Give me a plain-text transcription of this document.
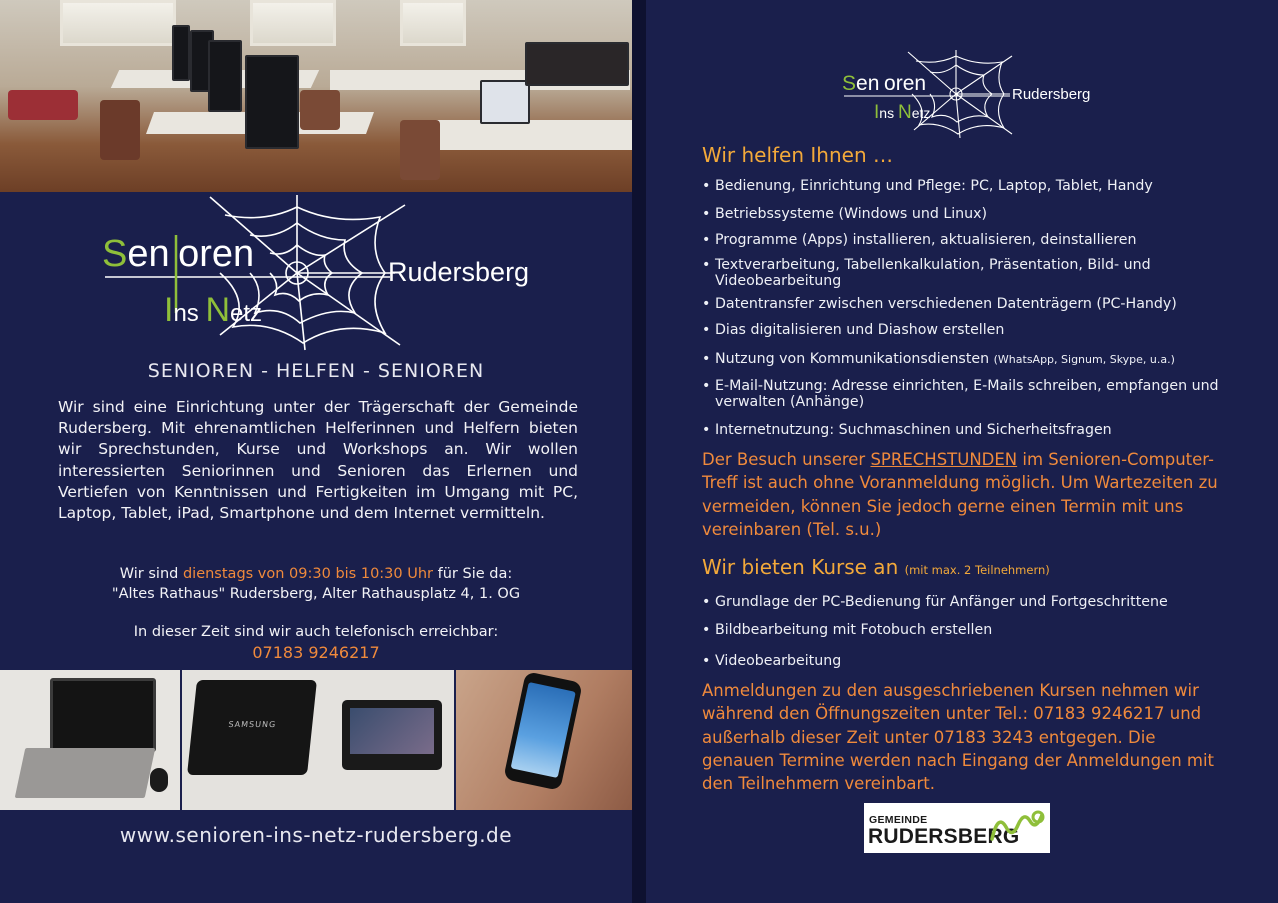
Sen oren
Ins Netz
Rudersberg
SENIOREN - HELFEN - SENIOREN
Wir sind eine Einrichtung unter der Trägerschaft der Gemeinde Rudersberg. Mit ehrenamtlichen Helferinnen und Helfern bieten wir Sprechstunden, Kurse und Workshops an. Wir wollen interessierten Seniorinnen und Senioren das Erlernen und Vertiefen von Kenntnissen und Fertigkeiten im Umgang mit PC, Laptop, Tablet, iPad, Smartphone und dem Internet vermitteln.
Wir sind dienstags von 09:30 bis 10:30 Uhr für Sie da:
"Altes Rathaus" Rudersberg, Alter Rathausplatz 4, 1. OG
In dieser Zeit sind wir auch telefonisch erreichbar:
07183 9246217
SAMSUNG
www.senioren-ins-netz-rudersberg.de
Sen oren
Ins Netz
Rudersberg
Wir helfen Ihnen …
• Bedienung, Einrichtung und Pflege: PC, Laptop, Tablet, Handy
• Betriebssysteme (Windows und Linux)
• Programme (Apps) installieren, aktualisieren, deinstallieren
• Textverarbeitung, Tabellenkalkulation, Präsentation, Bild- und Videobearbeitung
• Datentransfer zwischen verschiedenen Datenträgern (PC-Handy)
• Dias digitalisieren und Diashow erstellen
• Nutzung von Kommunikationsdiensten (WhatsApp, Signum, Skype, u.a.)
• E-Mail-Nutzung: Adresse einrichten, E-Mails schreiben, empfangen und verwalten (Anhänge)
• Internetnutzung: Suchmaschinen und Sicherheitsfragen
Der Besuch unserer SPRECHSTUNDEN im Senioren-Computer-Treff ist auch ohne Voranmeldung möglich. Um Wartezeiten zu vermeiden, können Sie jedoch gerne einen Termin mit uns vereinbaren (Tel. s.u.)
Wir bieten Kurse an (mit max. 2 Teilnehmern)
• Grundlage der PC-Bedienung für Anfänger und Fortgeschrittene
• Bildbearbeitung mit Fotobuch erstellen
• Videobearbeitung
Anmeldungen zu den ausgeschriebenen Kursen nehmen wir während den Öffnungszeiten unter Tel.: 07183 9246217 und außerhalb dieser Zeit unter 07183 3243 entgegen. Die genauen Termine werden nach Eingang der Anmeldungen mit den Teilnehmern vereinbart.
GEMEINDE
RUDERSBERG
